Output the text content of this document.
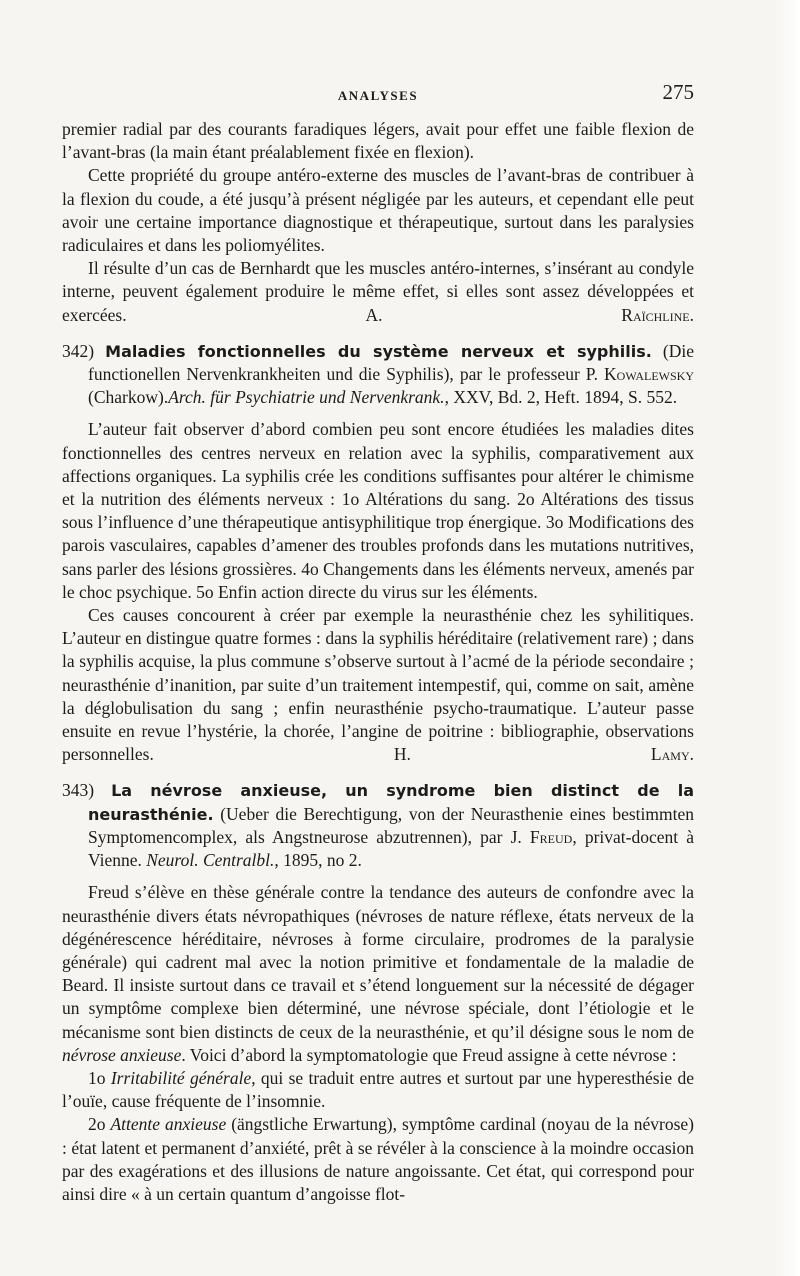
ANALYSES	275

premier radial par des courants faradiques légers, avait pour effet une faible flexion de l’avant-bras (la main étant préalablement fixée en flexion).

Cette propriété du groupe antéro-externe des muscles de l’avant-bras de contribuer à la flexion du coude, a été jusqu’à présent négligée par les auteurs, et cependant elle peut avoir une certaine importance diagnostique et thérapeutique, surtout dans les paralysies radiculaires et dans les poliomyélites.

Il résulte d’un cas de Bernhardt que les muscles antéro-internes, s’insérant au condyle interne, peuvent également produire le même effet, si elles sont assez développées et exercées.	A. Raïchline.

342) Maladies fonctionnelles du système nerveux et syphilis. (Die functionellen Nervenkrankheiten und die Syphilis), par le professeur P. Kowalewsky (Charkow).Arch. für Psychiatrie und Nervenkrank., XXV, Bd. 2, Heft. 1894, S. 552.

L’auteur fait observer d’abord combien peu sont encore étudiées les maladies dites fonctionnelles des centres nerveux en relation avec la syphilis, comparativement aux affections organiques. La syphilis crée les conditions suffisantes pour altérer le chimisme et la nutrition des éléments nerveux : 1o Altérations du sang. 2o Altérations des tissus sous l’influence d’une thérapeutique antisyphilitique trop énergique. 3o Modifications des parois vasculaires, capables d’amener des troubles profonds dans les mutations nutritives, sans parler des lésions grossières. 4o Changements dans les éléments nerveux, amenés par le choc psychique. 5o Enfin action directe du virus sur les éléments.

Ces causes concourent à créer par exemple la neurasthénie chez les syhilitiques. L’auteur en distingue quatre formes : dans la syphilis héréditaire (relativement rare) ; dans la syphilis acquise, la plus commune s’observe surtout à l’acmé de la période secondaire ; neurasthénie d’inanition, par suite d’un traitement intempestif, qui, comme on sait, amène la déglobulisation du sang ; enfin neurasthénie psycho-traumatique. L’auteur passe ensuite en revue l’hystérie, la chorée, l’angine de poitrine : bibliographie, observations personnelles.	H. Lamy.

343) La névrose anxieuse, un syndrome bien distinct de la neurasthénie. (Ueber die Berechtigung, von der Neurasthenie eines bestimmten Symptomencomplex, als Angstneurose abzutrennen), par J. Freud, privat-docent à Vienne. Neurol. Centralbl., 1895, no 2.

Freud s’élève en thèse générale contre la tendance des auteurs de confondre avec la neurasthénie divers états névropathiques (névroses de nature réflexe, états nerveux de la dégénérescence héréditaire, névroses à forme circulaire, prodromes de la paralysie générale) qui cadrent mal avec la notion primitive et fondamentale de la maladie de Beard. Il insiste surtout dans ce travail et s’étend longuement sur la nécessité de dégager un symptôme complexe bien déterminé, une névrose spéciale, dont l’étiologie et le mécanisme sont bien distincts de ceux de la neurasthénie, et qu’il désigne sous le nom de névrose anxieuse. Voici d’abord la symptomatologie que Freud assigne à cette névrose :

1o Irritabilité générale, qui se traduit entre autres et surtout par une hyperesthésie de l’ouïe, cause fréquente de l’insomnie.

2o Attente anxieuse (ängstliche Erwartung), symptôme cardinal (noyau de la névrose) : état latent et permanent d’anxiété, prêt à se révéler à la conscience à la moindre occasion par des exagérations et des illusions de nature angoissante. Cet état, qui correspond pour ainsi dire « à un certain quantum d’angoisse flot-
